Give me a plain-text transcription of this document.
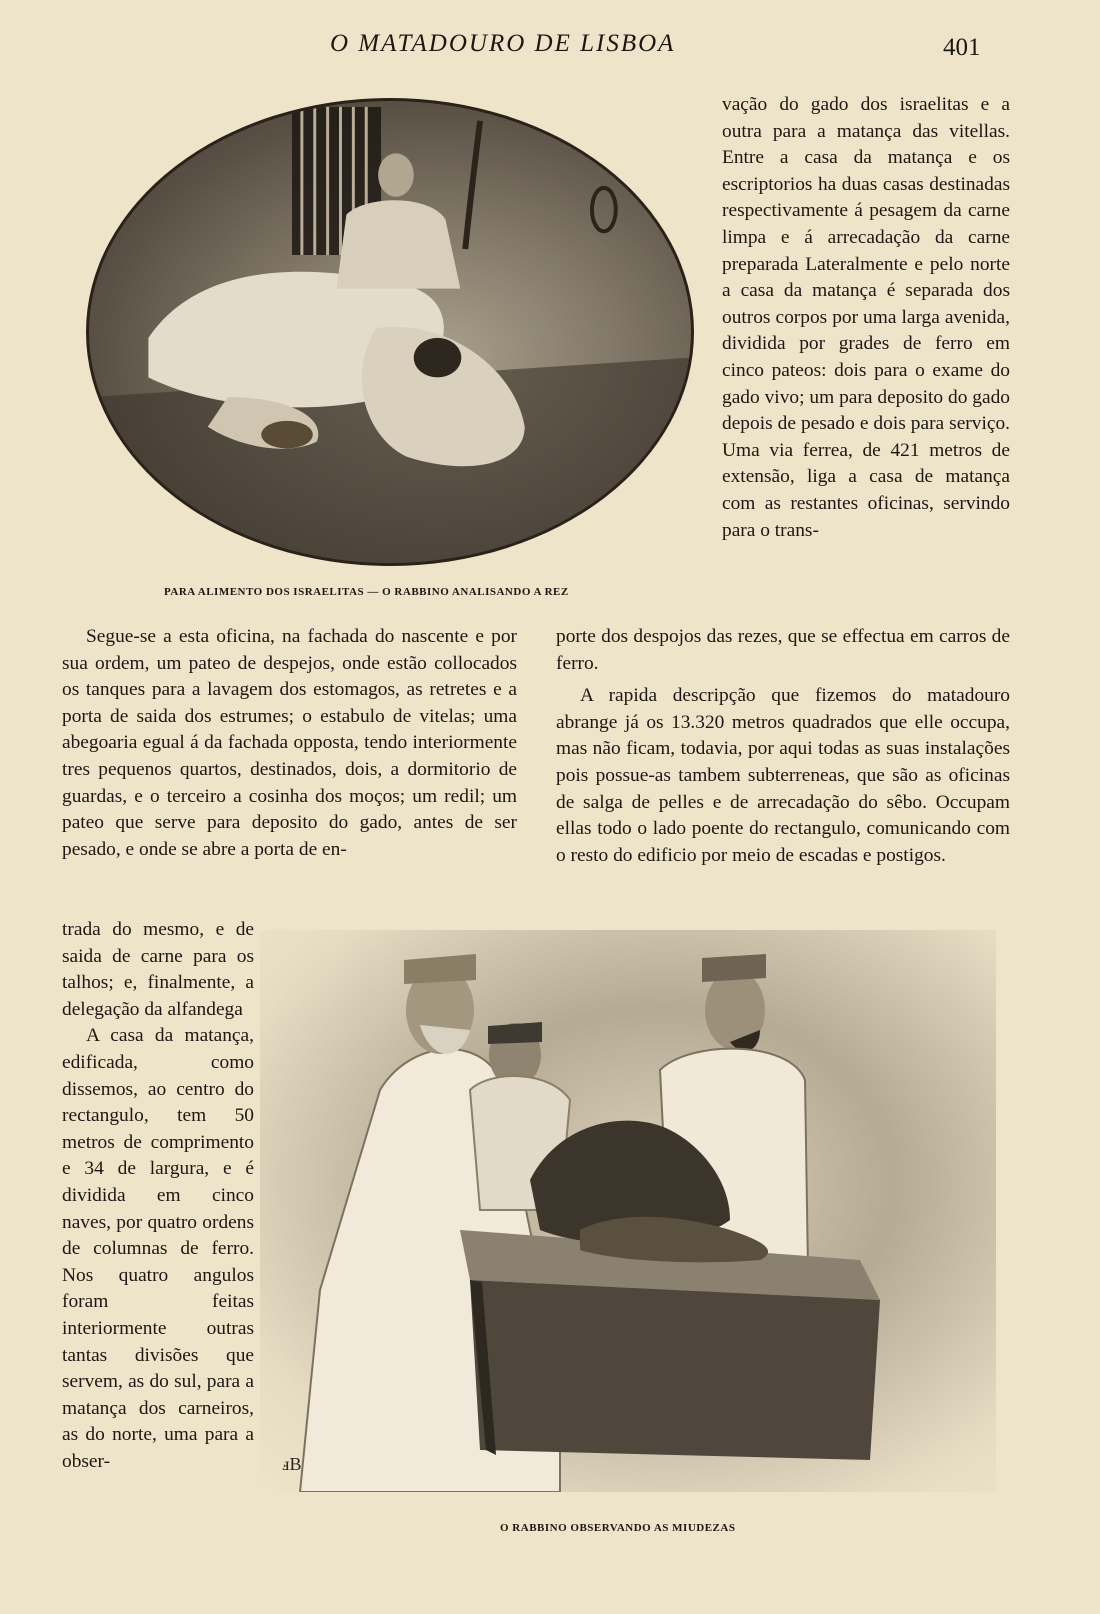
O MATADOURO DE LISBOA	401
PARA ALIMENTO DOS ISRAELITAS — O RABBINO ANALISANDO A REZ

vação do gado dos israelitas e a outra para a matança das vitellas. Entre a casa da matança e os escriptorios ha duas casas destinadas respectivamente á pesagem da carne limpa e á arrecadação da carne preparada Lateralmente e pelo norte a casa da matança é separada dos outros corpos por uma larga avenida, dividida por grades de ferro em cinco pateos: dois para o exame do gado vivo; um para deposito do gado depois de pesado e dois para serviço. Uma via ferrea, de 421 metros de extensão, liga a casa de matança com as restantes oficinas, servindo para o trans-

porte dos despojos das rezes, que se effectua em carros de ferro.

A rapida descripção que fizemos do matadouro abrange já os 13.320 metros quadrados que elle occupa, mas não ficam, todavia, por aqui todas as suas instalações pois possue-as tambem subterreneas, que são as oficinas de salga de pelles e de arrecadação do sêbo. Occupam ellas todo o lado poente do rectangulo, comunicando com o resto do edificio por meio de escadas e postigos.

Segue-se a esta oficina, na fachada do nascente e por sua ordem, um pateo de despejos, onde estão collocados os tanques para a lavagem dos estomagos, as retretes e a porta de saida dos estrumes; o estabulo de vitelas; uma abegoaria egual á da fachada opposta, tendo interiormente tres pequenos quartos, destinados, dois, a dormitorio de guardas, e o terceiro a cosinha dos moços; um redil; um pateo que serve para deposito do gado, antes de ser pesado, e onde se abre a porta de en-

trada do mesmo, e de saida de carne para os talhos; e, finalmente, a delegação da alfandega

A casa da matança, edificada, como dissemos, ao centro do rectangulo, tem 50 metros de comprimento e 34 de largura, e é dividida em cinco naves, por quatro ordens de columnas de ferro. Nos quatro angulos foram feitas interiormente outras tantas divisões que servem, as do sul, para a matança dos carneiros, as do norte, uma para a obser-	ⅎB
O RABBINO OBSERVANDO AS MIUDEZAS
